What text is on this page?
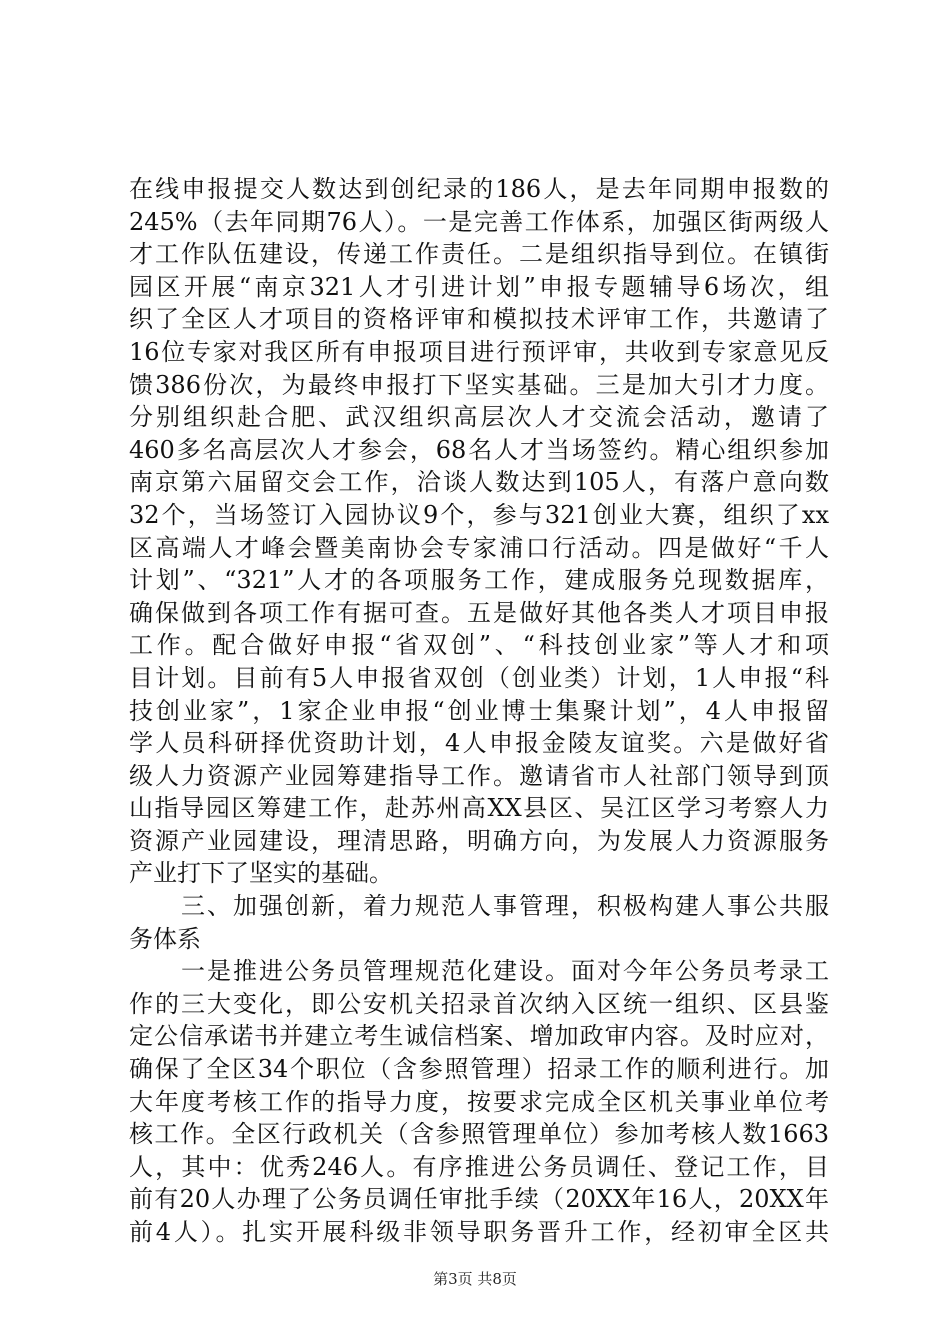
在线申报提交人数达到创纪录的186人，是去年同期申报数的
245%（去年同期76人）。一是完善工作体系，加强区街两级人
才工作队伍建设，传递工作责任。二是组织指导到位。在镇街
园区开展“南京321人才引进计划”申报专题辅导6场次，组
织了全区人才项目的资格评审和模拟技术评审工作，共邀请了
16位专家对我区所有申报项目进行预评审，共收到专家意见反
馈386份次，为最终申报打下坚实基础。三是加大引才力度。
分别组织赴合肥、武汉组织高层次人才交流会活动，邀请了
460多名高层次人才参会，68名人才当场签约。精心组织参加
南京第六届留交会工作，洽谈人数达到105人，有落户意向数
32个，当场签订入园协议9个，参与321创业大赛，组织了xx
区高端人才峰会暨美南协会专家浦口行活动。四是做好“千人
计划”、“321”人才的各项服务工作，建成服务兑现数据库，
确保做到各项工作有据可查。五是做好其他各类人才项目申报
工作。配合做好申报“省双创”、“科技创业家”等人才和项
目计划。目前有5人申报省双创（创业类）计划，1人申报“科
技创业家”，1家企业申报“创业博士集聚计划”，4人申报留
学人员科研择优资助计划，4人申报金陵友谊奖。六是做好省
级人力资源产业园筹建指导工作。邀请省市人社部门领导到顶
山指导园区筹建工作，赴苏州高XX县区、吴江区学习考察人力
资源产业园建设，理清思路，明确方向，为发展人力资源服务
产业打下了坚实的基础。
　　三、加强创新，着力规范人事管理，积极构建人事公共服
务体系
　　一是推进公务员管理规范化建设。面对今年公务员考录工
作的三大变化，即公安机关招录首次纳入区统一组织、区县鉴
定公信承诺书并建立考生诚信档案、增加政审内容。及时应对，
确保了全区34个职位（含参照管理）招录工作的顺利进行。加
大年度考核工作的指导力度，按要求完成全区机关事业单位考
核工作。全区行政机关（含参照管理单位）参加考核人数1663
人，其中：优秀246人。有序推进公务员调任、登记工作，目
前有20人办理了公务员调任审批手续（20XX年16人，20XX年
前4人）。扎实开展科级非领导职务晋升工作，经初审全区共
第3页 共8页
